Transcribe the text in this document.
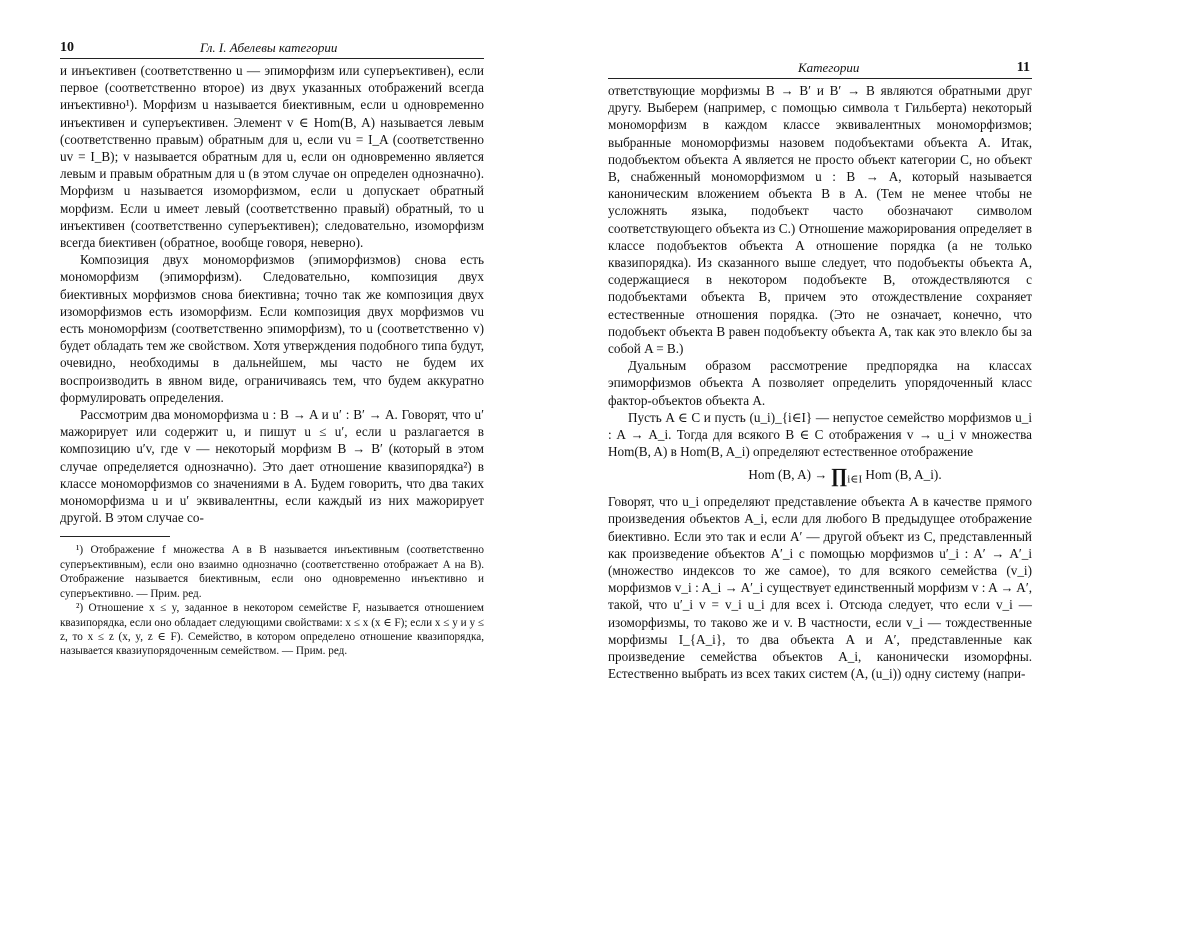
10	Гл. I. Абелевы категории

и инъективен (соответственно u — эпиморфизм или суперъективен), если первое (соответственно второе) из двух указанных отображений всегда инъективно¹). Морфизм u называется биективным, если u одновременно инъективен и суперъективен. Элемент v ∈ Hom(B, A) называется левым (соответственно правым) обратным для u, если vu = I_A (соответственно uv = I_B); v называется обратным для u, если он одновременно является левым и правым обратным для u (в этом случае он определен однозначно). Морфизм u называется изоморфизмом, если u допускает обратный морфизм. Если u имеет левый (соответственно правый) обратный, то u инъективен (соответственно суперъективен); следовательно, изоморфизм всегда биективен (обратное, вообще говоря, неверно).

Композиция двух мономорфизмов (эпиморфизмов) снова есть мономорфизм (эпиморфизм). Следовательно, композиция двух биективных морфизмов снова биективна; точно так же композиция двух изоморфизмов есть изоморфизм. Если композиция двух морфизмов vu есть мономорфизм (соответственно эпиморфизм), то u (соответственно v) будет обладать тем же свойством. Хотя утверждения подобного типа будут, очевидно, необходимы в дальнейшем, мы часто не будем их воспроизводить в явном виде, ограничиваясь тем, что будем аккуратно формулировать определения.

Рассмотрим два мономорфизма u : B → A и u′ : B′ → A. Говорят, что u′ мажорирует или содержит u, и пишут u ≤ u′, если u разлагается в композицию u′v, где v — некоторый морфизм B → B′ (который в этом случае определяется однозначно). Это дает отношение квазипорядка²) в классе мономорфизмов со значениями в A. Будем говорить, что два таких мономорфизма u и u′ эквивалентны, если каждый из них мажорирует другой. В этом случае со-

¹) Отображение f множества A в B называется инъективным (соответственно суперъективным), если оно взаимно однозначно (соответственно отображает A на B). Отображение называется биективным, если оно одновременно инъективно и суперъективно. — Прим. ред.

²) Отношение x ≤ y, заданное в некотором семействе F, называется отношением квазипорядка, если оно обладает следующими свойствами: x ≤ x (x ∈ F); если x ≤ y и y ≤ z, то x ≤ z (x, y, z ∈ F). Семейство, в котором определено отношение квазипорядка, называется квазиупорядоченным семейством. — Прим. ред.

Категории	11

ответствующие морфизмы B → B′ и B′ → B являются обратными друг другу. Выберем (например, с помощью символа τ Гильберта) некоторый мономорфизм в каждом классе эквивалентных мономорфизмов; выбранные мономорфизмы назовем подобъектами объекта A. Итак, подобъектом объекта A является не просто объект категории C, но объект B, снабженный мономорфизмом u : B → A, который называется каноническим вложением объекта B в A. (Тем не менее чтобы не усложнять языка, подобъект часто обозначают символом соответствующего объекта из C.) Отношение мажорирования определяет в классе подобъектов объекта A отношение порядка (а не только квазипорядка). Из сказанного выше следует, что подобъекты объекта A, содержащиеся в некотором подобъекте B, отождествляются с подобъектами объекта B, причем это отождествление сохраняет естественные отношения порядка. (Это не означает, конечно, что подобъект объекта B равен подобъекту объекта A, так как это влекло бы за собой A = B.)

Дуальным образом рассмотрение предпорядка на классах эпиморфизмов объекта A позволяет определить упорядоченный класс фактор-объектов объекта A.

Пусть A ∈ C и пусть (u_i)_{i∈I} — непустое семейство морфизмов u_i : A → A_i. Тогда для всякого B ∈ C отображения v → u_i v множества Hom(B, A) в Hom(B, A_i) определяют естественное отображение

Hom (B, $A) \to \prod_{i\in I}$ Hom (B, A_i).

Говорят, что u_i определяют представление объекта A в качестве прямого произведения объектов A_i, если для любого B предыдущее отображение биективно. Если это так и если A′ — другой объект из C, представленный как произведение объектов A′_i с помощью морфизмов u′_i : A′ → A′_i (множество индексов то же самое), то для всякого семейства (v_i) морфизмов v_i : A_i → A′_i существует единственный морфизм v : A → A′, такой, что u′_i v = v_i u_i для всех i. Отсюда следует, что если v_i — изоморфизмы, то таково же и v. В частности, если v_i — тождественные морфизмы I_{A_i}, то два объекта A и A′, представленные как произведение семейства объектов A_i, канонически изоморфны. Естественно выбрать из всех таких систем (A, (u_i)) одну систему (напри-
